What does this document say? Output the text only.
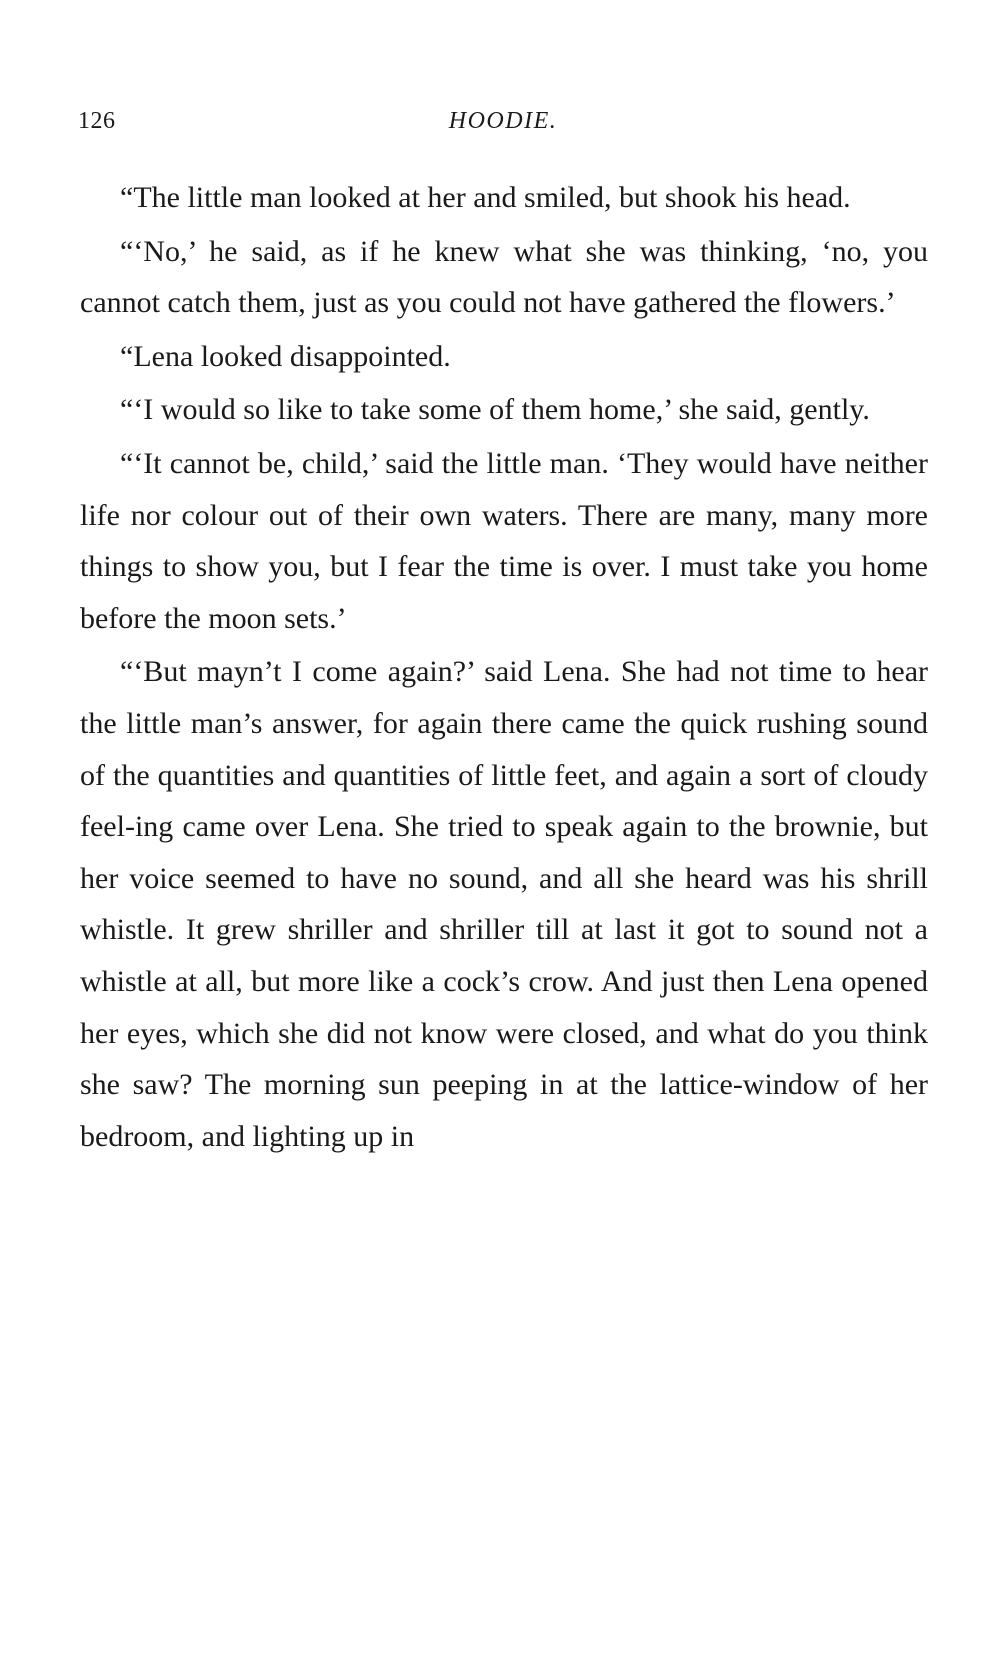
126	HOODIE.

“The little man looked at her and smiled, but shook his head.

“‘No,’ he said, as if he knew what she was thinking, ‘no, you cannot catch them, just as you could not have gathered the flowers.’

“Lena looked disappointed.

“‘I would so like to take some of them home,’ she said, gently.

“‘It cannot be, child,’ said the little man. ‘They would have neither life nor colour out of their own waters. There are many, many more things to show you, but I fear the time is over. I must take you home before the moon sets.’

“‘But mayn’t I come again?’ said Lena. She had not time to hear the little man’s answer, for again there came the quick rushing sound of the quantities and quantities of little feet, and again a sort of cloudy feel-ing came over Lena. She tried to speak again to the brownie, but her voice seemed to have no sound, and all she heard was his shrill whistle. It grew shriller and shriller till at last it got to sound not a whistle at all, but more like a cock’s crow. And just then Lena opened her eyes, which she did not know were closed, and what do you think she saw? The morning sun peeping in at the lattice-window of her bedroom, and lighting up in
